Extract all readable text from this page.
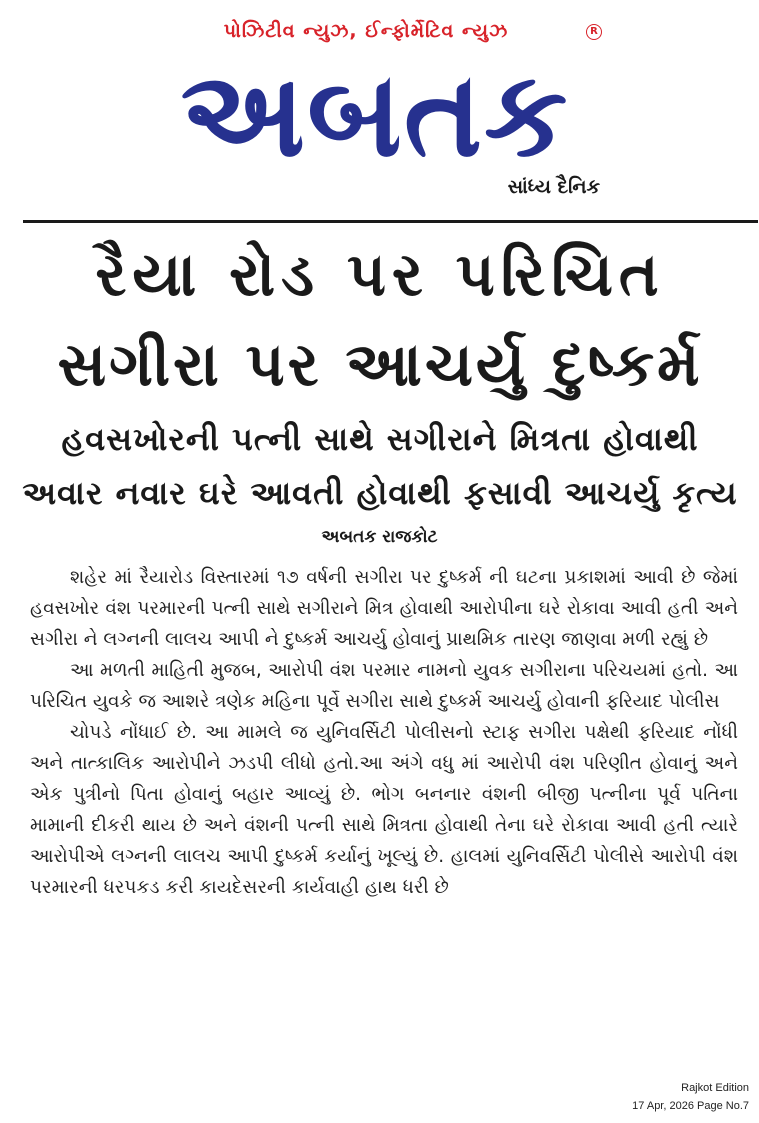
પોઝિટીવ ન્યુઝ, ઈન્ફોર્મેટિવ ન્યુઝ	R
અબતક
સાંધ્ય દૈનિક
રૈયા રોડ પર પરિચિત
સગીરા પર આચર્યુ દુષ્કર્મ
હવસખોરની પત્ની સાથે સગીરાને મિત્રતા હોવાથી
અવાર નવાર ઘરે આવતી હોવાથી ફસાવી આચર્યુ કૃત્ય
અબતક રાજકોટ

શહેર માં રૈયારોડ વિસ્તારમાં ૧૭ વર્ષની સગીરા પર દુષ્કર્મ ની ઘટના પ્રકાશમાં આવી છે જેમાં હવસખોર વંશ પરમારની પત્ની સાથે સગીરાને મિત્ર હોવાથી આરોપીના ઘરે રોકાવા આવી હતી અને સગીરા ને લગ્નની લાલચ આપી ને દુષ્કર્મ આચર્યુ હોવાનું પ્રાથમિક તારણ જાણવા મળી રહ્યું છે

આ મળતી માહિતી મુજબ, આરોપી વંશ પરમાર નામનો યુવક સગીરાના પરિચયમાં હતો. આ પરિચિત યુવકે જ આશરે ત્રણેક મહિના પૂર્વે સગીરા સાથે દુષ્કર્મ આચર્યુ હોવાની ફરિયાદ પોલીસ

ચોપડે નોંધાઈ છે. આ મામલે જ યુનિવર્સિટી પોલીસનો સ્ટાફ સગીરા પક્ષેથી ફરિયાદ નોંધી અને તાત્કાલિક આરોપીને ઝડપી લીધો હતો.આ અંગે વધુ માં આરોપી વંશ પરિણીત હોવાનું અને એક પુત્રીનો પિતા હોવાનું બહાર આવ્યું છે. ભોગ બનનાર વંશની બીજી પત્નીના પૂર્વ પતિના મામાની દીકરી થાય છે અને વંશની પત્ની સાથે મિત્રતા હોવાથી તેના ઘરે રોકાવા આવી હતી ત્યારે આરોપીએ લગ્નની લાલચ આપી દુષ્કર્મ કર્યાનું ખૂલ્યું છે. હાલમાં યુનિવર્સિટી પોલીસે આરોપી વંશ પરમારની ધરપકડ કરી કાયદેસરની કાર્યવાહી હાથ ધરી છે

Rajkot Edition
17 Apr, 2026 Page No.7
